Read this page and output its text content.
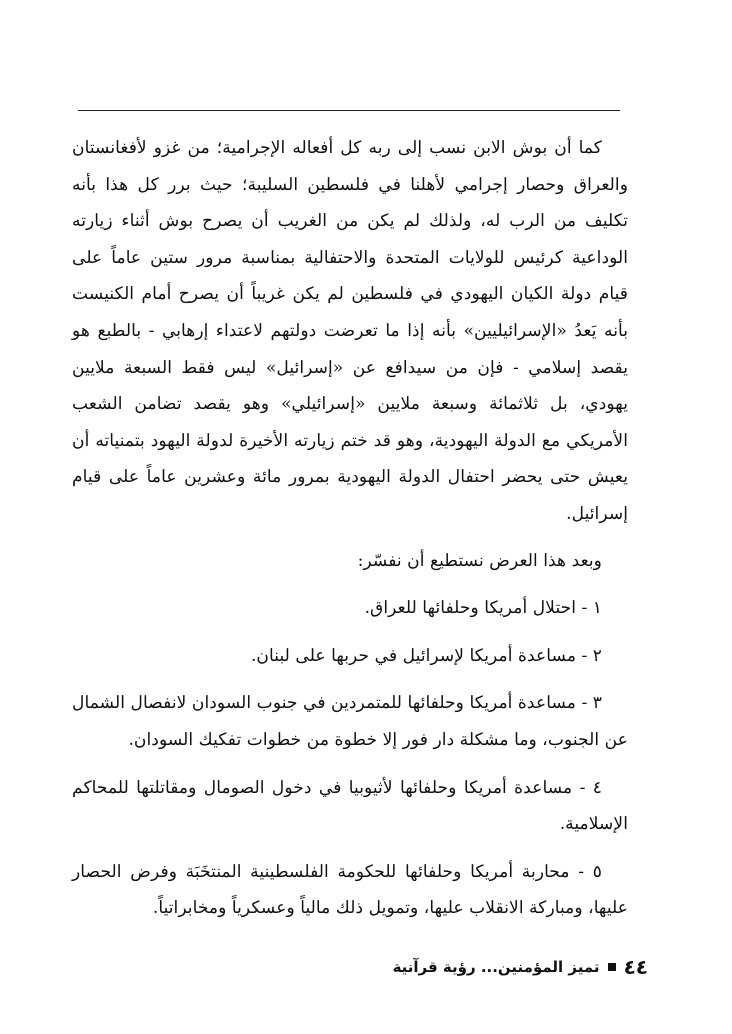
كما أن بوش الابن نسب إلى ربه كل أفعاله الإجرامية؛ من غزو لأفغانستان والعراق وحصار إجرامي لأهلنا في فلسطين السليبة؛ حيث برر كل هذا بأنه تكليف من الرب له، ولذلك لم يكن من الغريب أن يصرح بوش أثناء زيارته الوداعية كرئيس للولايات المتحدة والاحتفالية بمناسبة مرور ستين عاماً على قيام دولة الكيان اليهودي في فلسطين لم يكن غريباً أن يصرح أمام الكنيست بأنه يَعدُ «الإسرائيليين» بأنه إذا ما تعرضت دولتهم لاعتداء إرهابي - بالطبع هو يقصد إسلامي - فإن من سيدافع عن «إسرائيل» ليس فقط السبعة ملايين يهودي، بل ثلاثمائة وسبعة ملايين «إسرائيلي» وهو يقصد تضامن الشعب الأمريكي مع الدولة اليهودية، وهو قد ختم زيارته الأخيرة لدولة اليهود بتمنياته أن يعيش حتى يحضر احتفال الدولة اليهودية بمرور مائة وعشرين عاماً على قيام إسرائيل.

وبعد هذا العرض نستطيع أن نفسّر:

١ - احتلال أمريكا وحلفائها للعراق.

٢ - مساعدة أمريكا لإسرائيل في حربها على لبنان.

٣ - مساعدة أمريكا وحلفائها للمتمردين في جنوب السودان لانفصال الشمال عن الجنوب، وما مشكلة دار فور إلا خطوة من خطوات تفكيك السودان.

٤ - مساعدة أمريكا وحلفائها لأثيوبيا في دخول الصومال ومقاتلتها للمحاكم الإسلامية.

٥ - محاربة أمريكا وحلفائها للحكومة الفلسطينية المنتخَبَة وفرض الحصار عليها، ومباركة الانقلاب عليها، وتمويل ذلك مالياً وعسكرياً ومخابراتياً.

٤٤
تميز المؤمنين... رؤية قرآنية
